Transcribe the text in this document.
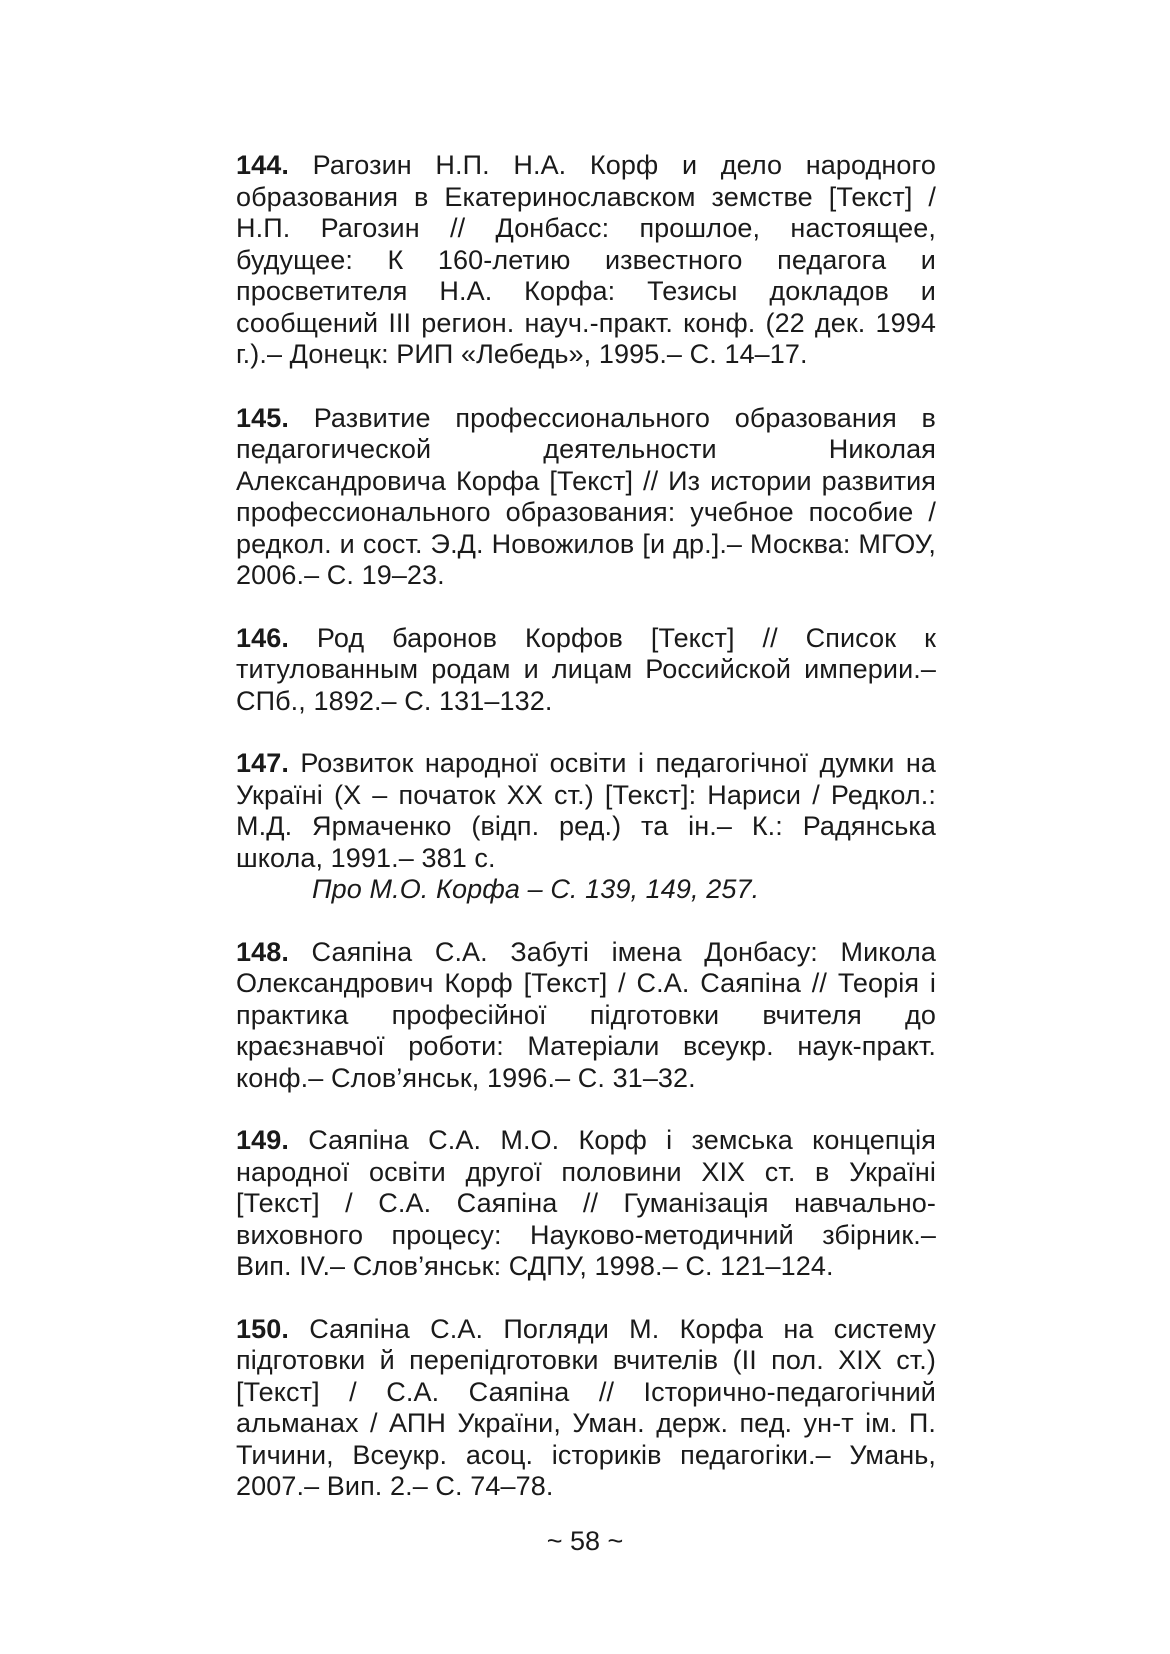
144. Рагозин Н.П. Н.А. Корф и дело народного образования в Екатеринославском земстве [Текст] / Н.П. Рагозин // Донбасс: прошлое, настоящее, будущее: К 160-летию известного педагога и просветителя Н.А. Корфа: Тезисы докладов и сообщений III регион. науч.-практ. конф. (22 дек. 1994 г.).– Донецк: РИП «Лебедь», 1995.– С. 14–17.

145. Развитие профессионального образования в педагогической деятельности Николая Александровича Корфа [Текст] // Из истории развития профессионального образования: учебное пособие / редкол. и сост. Э.Д. Новожилов [и др.].– Москва: МГОУ, 2006.– С. 19–23.

146. Род баронов Корфов [Текст] // Список к титулованным родам и лицам Российской империи.– СПб., 1892.– С. 131–132.

147. Розвиток народної освіти і педагогічної думки на Україні (Х – початок ХХ ст.) [Текст]: Нариси / Редкол.: М.Д. Ярмаченко (відп. ред.) та ін.– К.: Радянська школа, 1991.– 381 с.
Про М.О. Корфа – С. 139, 149, 257.

148. Саяпіна С.А. Забуті імена Донбасу: Микола Олександрович Корф [Текст] / С.А. Саяпіна // Теорія і практика професійної підготовки вчителя до краєзнавчої роботи: Матеріали всеукр. наук-практ. конф.– Слов’янськ, 1996.– С. 31–32.

149. Саяпіна С.А. М.О. Корф і земська концепція народної освіти другої половини ХІХ ст. в Україні [Текст] / С.А. Саяпіна // Гуманізація навчально-виховного процесу: Науково-методичний збірник.– Вип. IV.– Слов’янськ: СДПУ, 1998.– С. 121–124.

150. Саяпіна С.А. Погляди М. Корфа на систему підготовки й перепідготовки вчителів (ІІ пол. ХІХ ст.) [Текст] / С.А. Саяпіна // Історично-педагогічний альманах / АПН України, Уман. держ. пед. ун-т ім. П. Тичини, Всеукр. асоц. істориків педагогіки.– Умань, 2007.– Вип. 2.– С. 74–78.

~ 58 ~
